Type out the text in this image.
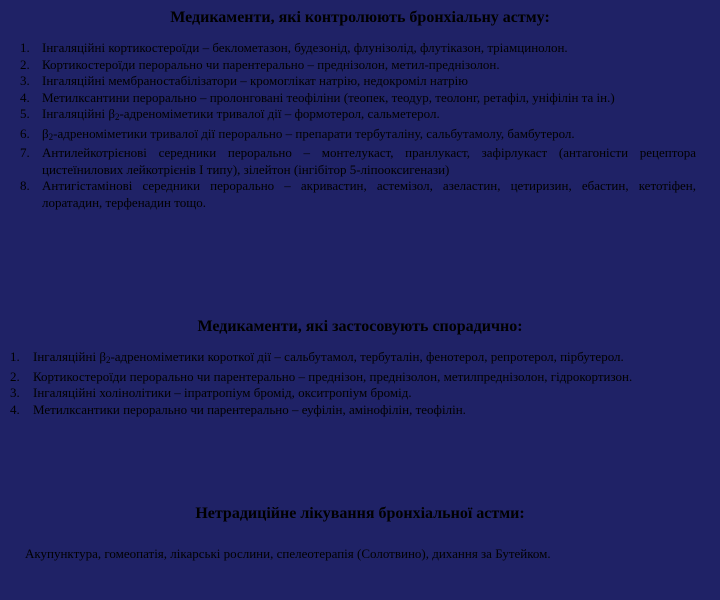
Медикаменти, які контролюють бронхіальну астму:
1. Інгаляційні кортикостероїди – беклометазон, будезонід, флунізолід, флутіказон, тріамцинолон.
2. Кортикостероїди перорально чи парентерально – преднізолон, метил-преднізолон.
3. Інгаляційні мембраностабілізатори – кромоглікат натрію, недокроміл натрію
4. Метилксантини перорально – пролонговані теофіліни (теопек, теодур, теолонг, ретафіл, уніфілін та ін.)
5. Інгаляційні $\beta_2$-адреноміметики тривалої дії – формотерол, сальметерол.
6. $\beta_2$-адреноміметики тривалої дії перорально – препарати тербуталіну, сальбутамолу, бамбутерол.
7. Антилейкотрієнові середники перорально – монтелукаст, пранлукаст, зафірлукаст (антагоністи рецептора цистеїнилових лейкотрієнів І типу), зілейтон (інгібітор 5-ліпооксигенази)
8. Антигістамінові середники перорально – акривастин, астемізол, азеластин, цетиризин, ебастин, кетотіфен, лоратадин, терфенадин тощо.
Медикаменти, які застосовують спорадично:
1. Інгаляційні $\beta_2$-адреноміметики короткої дії – сальбутамол, тербуталін, фенотерол, репротерол, пірбутерол.
2. Кортикостероїди перорально чи парентерально – преднізон, преднізолон, метилпреднізолон, гідрокортизон.
3. Інгаляційні холінолітики – іпратропіум бромід, окситропіум бромід.
4. Метилксантики перорально чи парентерально – еуфілін, амінофілін, теофілін.
Нетрадиційне лікування бронхіальної астми:

Акупунктура, гомеопатія, лікарські рослини, спелеотерапія (Солотвино), дихання за Бутейком.
